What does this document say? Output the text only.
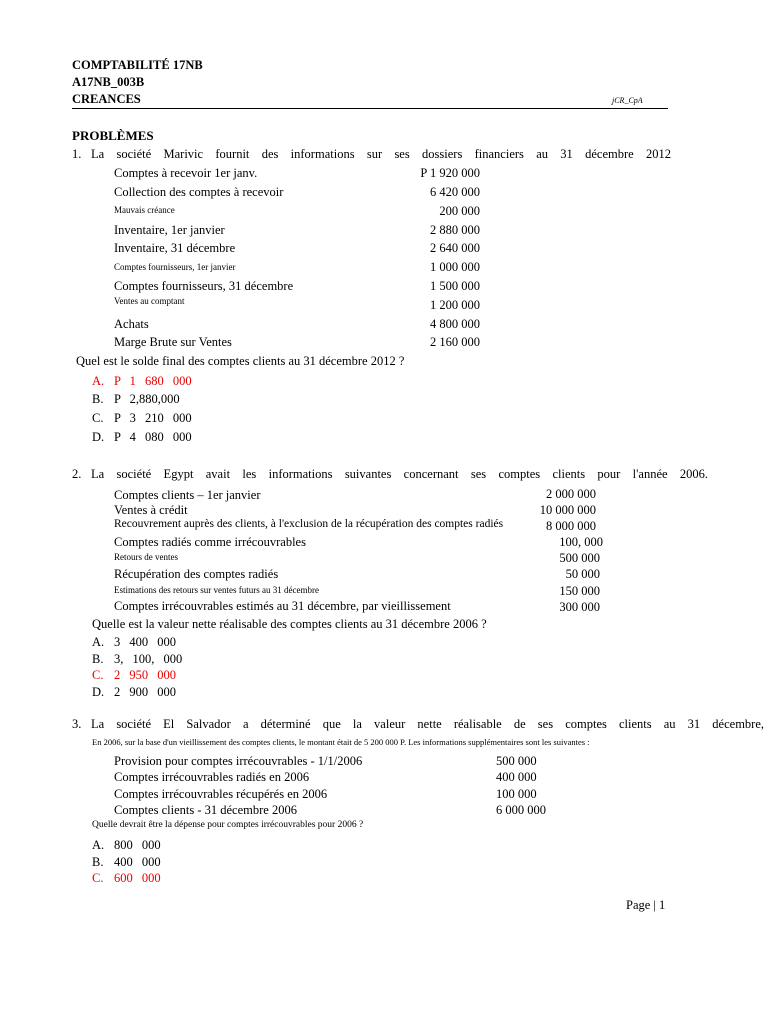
COMPTABILITÉ 17NB
A17NB_003B
CREANCES	jCR_CpA
PROBLÈMES
1. La société Marivic fournit des informations sur ses dossiers financiers au 31 décembre 2012
Comptes à recevoir 1er janv.	P 1 920 000
Collection des comptes à recevoir	6 420 000
Mauvais créance	200 000
Inventaire, 1er janvier	2 880 000
Inventaire, 31 décembre	2 640 000
Comptes fournisseurs, 1er janvier	1 000 000
Comptes fournisseurs, 31 décembre	1 500 000
Ventes au comptant	1 200 000
Achats	4 800 000
Marge Brute sur Ventes	2 160 000
Quel est le solde final des comptes clients au 31 décembre 2012 ?
A. P 1 680 000
B. P 2,880,000
C. P 3 210 000
D. P 4 080 000
2. La société Egypt avait les informations suivantes concernant ses comptes clients pour l'année 2006.
Comptes clients – 1er janvier	2 000 000
Ventes à crédit	10 000 000
Recouvrement auprès des clients, à l'exclusion de la récupération des comptes radiés	8 000 000
Comptes radiés comme irrécouvrables	100, 000
Retours de ventes	500 000
Récupération des comptes radiés	50 000
Estimations des retours sur ventes futurs au 31 décembre	150 000
Comptes irrécouvrables estimés au 31 décembre, par vieillissement	300 000
Quelle est la valeur nette réalisable des comptes clients au 31 décembre 2006 ?
A. 3 400 000
B. 3, 100, 000
C. 2 950 000
D. 2 900 000
3. La société El Salvador a déterminé que la valeur nette réalisable de ses comptes clients au 31 décembre,
En 2006, sur la base d'un vieillissement des comptes clients, le montant était de 5 200 000 P. Les informations supplémentaires sont les suivantes :
Provision pour comptes irrécouvrables - 1/1/2006	500 000
Comptes irrécouvrables radiés en 2006	400 000
Comptes irrécouvrables récupérés en 2006	100 000
Comptes clients - 31 décembre 2006	6 000 000
Quelle devrait être la dépense pour comptes irrécouvrables pour 2006 ?
A. 800 000
B. 400 000
C. 600 000
Page | 1
